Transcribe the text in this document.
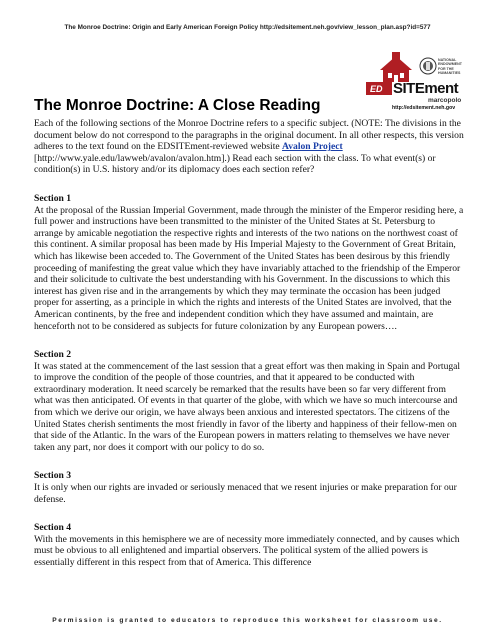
The Monroe Doctrine: Origin and Early American Foreign Policy http://edsitement.neh.gov/view_lesson_plan.asp?id=577
NATIONAL
ENDOWMENT
FOR THE
HUMANITIES
ED SITEment
marcopolo
http://edsitement.neh.gov
The Monroe Doctrine: A Close Reading

Each of the following sections of the Monroe Doctrine refers to a specific subject. (NOTE: The divisions in the document below do not correspond to the paragraphs in the original document. In all other respects, this version adheres to the text found on the EDSITEment-reviewed website Avalon Project [http://www.yale.edu/lawweb/avalon/avalon.htm].) Read each section with the class. To what event(s) or condition(s) in U.S. history and/or its diplomacy does each section refer?

Section 1

At the proposal of the Russian Imperial Government, made through the minister of the Emperor residing here, a full power and instructions have been transmitted to the minister of the United States at St. Petersburg to arrange by amicable negotiation the respective rights and interests of the two nations on the northwest coast of this continent. A similar proposal has been made by His Imperial Majesty to the Government of Great Britain, which has likewise been acceded to. The Government of the United States has been desirous by this friendly proceeding of manifesting the great value which they have invariably attached to the friendship of the Emperor and their solicitude to cultivate the best understanding with his Government. In the discussions to which this interest has given rise and in the arrangements by which they may terminate the occasion has been judged proper for asserting, as a principle in which the rights and interests of the United States are involved, that the American continents, by the free and independent condition which they have assumed and maintain, are henceforth not to be considered as subjects for future colonization by any European powers….

Section 2

It was stated at the commencement of the last session that a great effort was then making in Spain and Portugal to improve the condition of the people of those countries, and that it appeared to be conducted with extraordinary moderation. It need scarcely be remarked that the results have been so far very different from what was then anticipated. Of events in that quarter of the globe, with which we have so much intercourse and from which we derive our origin, we have always been anxious and interested spectators. The citizens of the United States cherish sentiments the most friendly in favor of the liberty and happiness of their fellow-men on that side of the Atlantic. In the wars of the European powers in matters relating to themselves we have never taken any part, nor does it comport with our policy to do so.

Section 3

It is only when our rights are invaded or seriously menaced that we resent injuries or make preparation for our defense.

Section 4

With the movements in this hemisphere we are of necessity more immediately connected, and by causes which must be obvious to all enlightened and impartial observers. The political system of the allied powers is essentially different in this respect from that of America. This difference

Permission is granted to educators to reproduce this worksheet for classroom use.
